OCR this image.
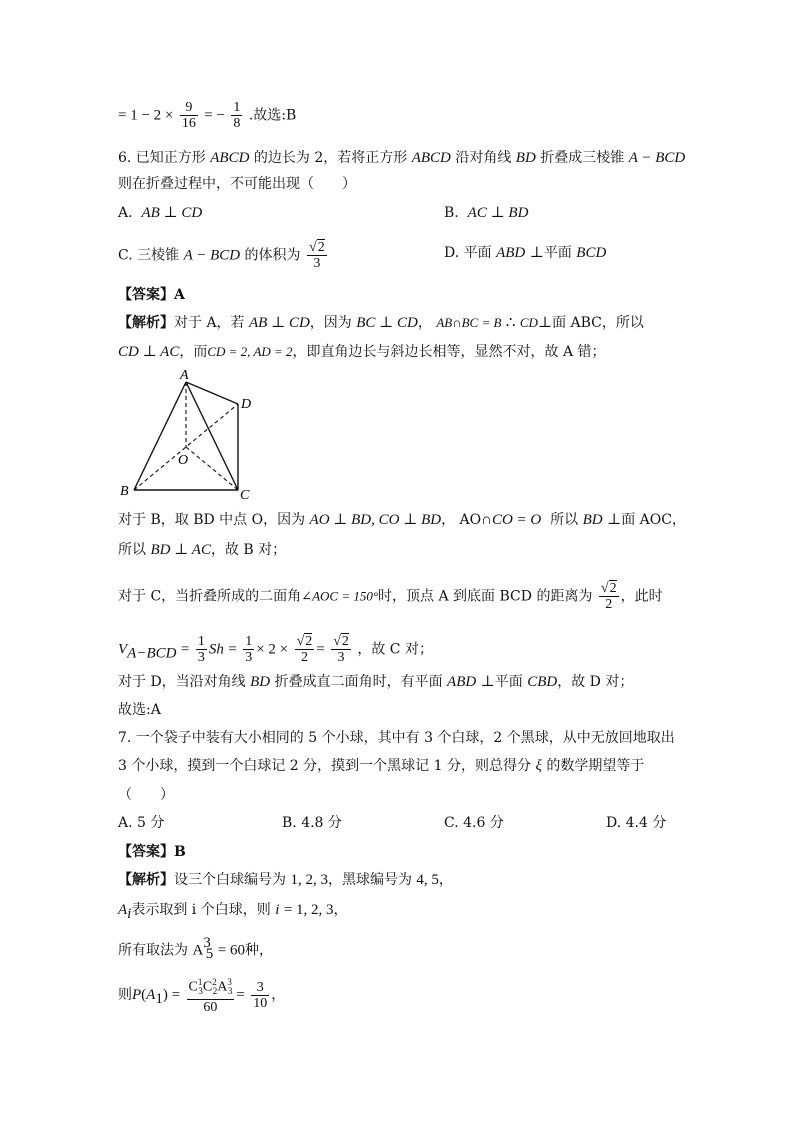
= $1 - 2 \times \frac{9}{16}$ = − $\frac{1}{8}$ .故选:B
6. 已知正方形 ABCD 的边长为 2，若将正方形 ABCD 沿对角线 BD 折叠成三棱锥 A − BCD
则在折叠过程中，不可能出现（　　）
A. AB ⊥ CD	B. AC ⊥ BD
C. 三棱锥 A − BCD 的体积为 $\frac{√2}{3}$	D. 平面 ABD ⊥平面 BCD
【答案】A
【解析】对于 A，若 AB ⊥ CD，因为 BC ⊥ CD， AB∩BC = B ∴ CD⊥面 ABC，所以
CD ⊥ AC，而CD = 2, AD = 2，即直角边长与斜边长相等，显然不对，故 A 错；
A
B	C
D
O
对于 B，取 BD 中点 O，因为 AO ⊥ BD, CO ⊥ BD， AO∩CO = O 所以 BD ⊥面 AOC，
所以 BD ⊥ AC，故 B 对；
对于 C，当折叠所成的二面角∠AOC = 150°时，顶点 A 到底面 BCD 的距离为 $\frac{√2}{2}$ ，此时
$V_{A-BCD} = \frac{1}{3}$ $Sh = \frac{1}{3} \times 2 \times \frac{√2}{2} = \frac{√2}{3}$ ，故 C 对；
对于 D，当沿对角线 BD 折叠成直二面角时，有平面 ABD ⊥平面 CBD，故 D 对；
故选:A
7. 一个袋子中装有大小相同的 5 个小球，其中有 3 个白球，2 个黑球，从中无放回地取出
3 个小球，摸到一个白球记 2 分，摸到一个黑球记 1 分，则总得分 ξ 的数学期望等于
（　　）
A. 5 分	B. 4.8 分	C. 4.6 分	D. 4.4 分
【答案】B
【解析】设三个白球编号为 1, 2, 3，黑球编号为 4, 5，
$A_i$表示取到 i 个白球，则 i = 1, 2, 3，
所有取法为 $A^3_5 = 60$种，
则$P(A_1) = \frac{C^1_3C^2_2A^3_3}{60} = \frac{3}{10}$ ，
